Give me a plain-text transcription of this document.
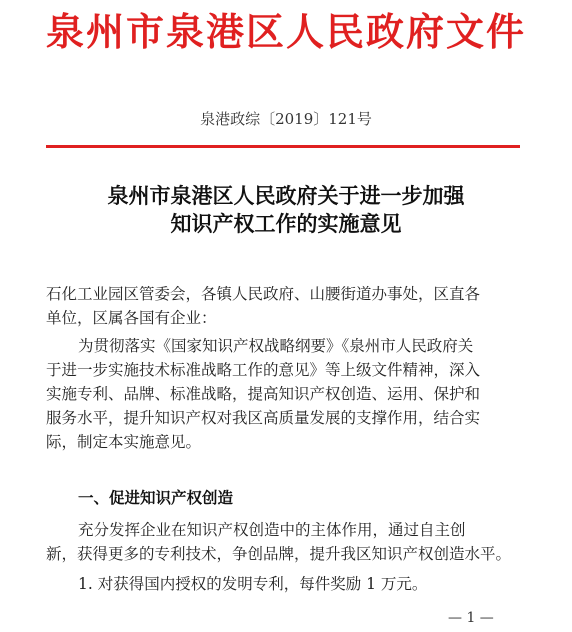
泉州市泉港区人民政府文件
泉港政综〔2019〕121号
泉州市泉港区人民政府关于进一步加强
知识产权工作的实施意见
石化工业园区管委会，各镇人民政府、山腰街道办事处，区直各
单位，区属各国有企业：
为贯彻落实《国家知识产权战略纲要》《泉州市人民政府关
于进一步实施技术标准战略工作的意见》等上级文件精神，深入
实施专利、品牌、标准战略，提高知识产权创造、运用、保护和
服务水平，提升知识产权对我区高质量发展的支撑作用，结合实
际，制定本实施意见。
一、促进知识产权创造
充分发挥企业在知识产权创造中的主体作用，通过自主创
新，获得更多的专利技术，争创品牌，提升我区知识产权创造水平。
1. 对获得国内授权的发明专利，每件奖励 1 万元。
— 1 —
